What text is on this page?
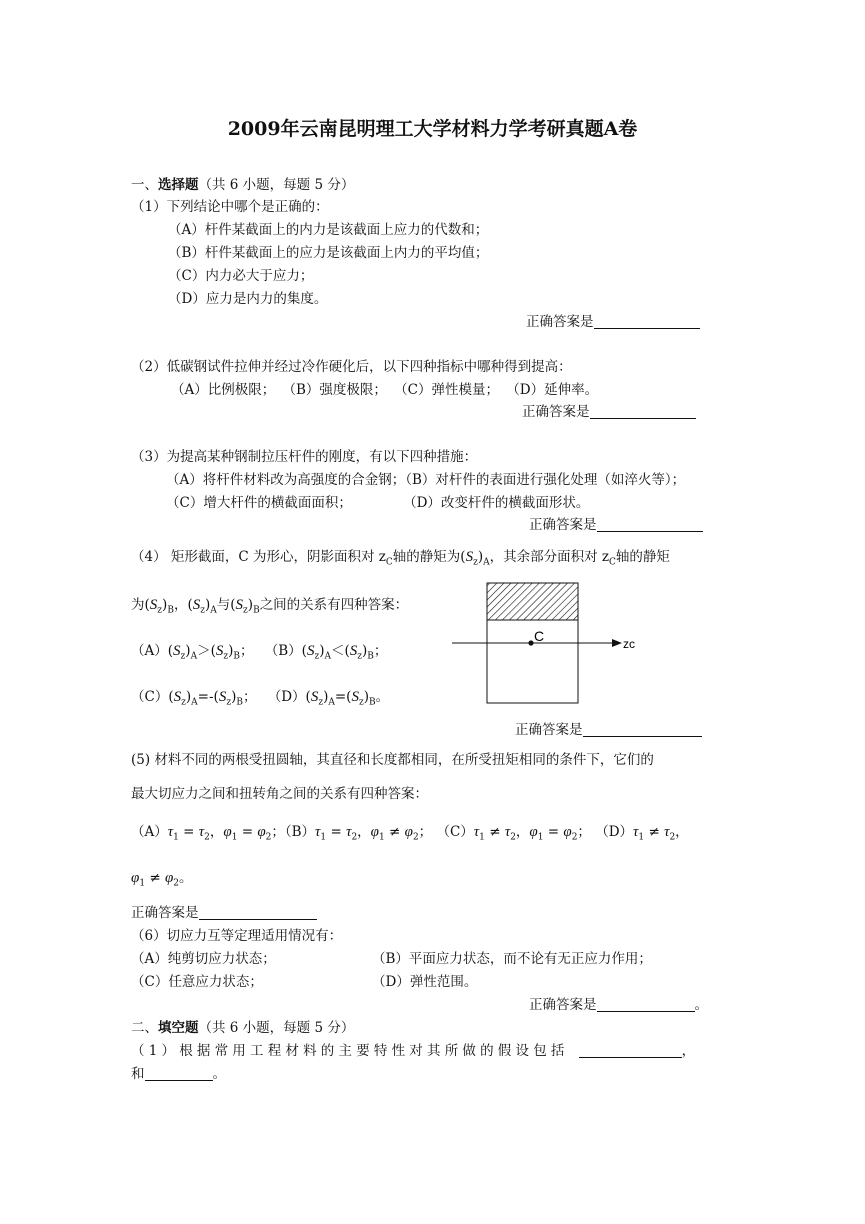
2009年云南昆明理工大学材料力学考研真题A卷
一、选择题（共 6 小题，每题 5 分）
（1）下列结论中哪个是正确的：
（A）杆件某截面上的内力是该截面上应力的代数和；
（B）杆件某截面上的应力是该截面上内力的平均值；
（C）内力必大于应力；
（D）应力是内力的集度。
正确答案是
（2）低碳钢试件拉伸并经过冷作硬化后，以下四种指标中哪种得到提高：
（A）比例极限； （B）强度极限； （C）弹性模量； （D）延伸率。
正确答案是
（3）为提高某种钢制拉压杆件的刚度，有以下四种措施：
（A）将杆件材料改为高强度的合金钢；（B）对杆件的表面进行强化处理（如淬火等）；
（C）增大杆件的横截面面积；	（D）改变杆件的横截面形状。
正确答案是
（4） 矩形截面，C 为形心，阴影面积对 $z_C$轴的静矩为$(S_z)_A$，其余部分面积对 $z_C$轴的静矩
为$(S_z)_B$，$(S_z)_A$与$(S_z)_B$之间的关系有四种答案：
$(A)(S_z)_A>(S_z)_B$； $(B)(S_z)_A<(S_z)_B$；
$(C)(S_z)_A=-(S_z)_B$； $(D)(S_z)_A=(S_z)_B$。
C	zc
正确答案是
(5) 材料不同的两根受扭圆轴，其直径和长度都相同，在所受扭矩相同的条件下，它们的
最大切应力之间和扭转角之间的关系有四种答案：
$(A)\tau_1 = \tau_2$，$\varphi_1 = \varphi_2$；$(B)\tau_1 = \tau_2$，$\varphi_1 \ne \varphi_2$； $(C)\tau_1 \ne \tau_2$，$\varphi_1 = \varphi_2$； $(D)\tau_1 \ne \tau_2$，
$\varphi_1 \ne \varphi_2$。
正确答案是
（6）切应力互等定理适用情况有：
（A）纯剪切应力状态；	（B）平面应力状态，而不论有无正应力作用；
（C）任意应力状态；	（D）弹性范围。
正确答案是	。
二、填空题（共 6 小题，每题 5 分）
（1）根据常用工程材料的主要特性对其所做的假设包括	，
和	。
